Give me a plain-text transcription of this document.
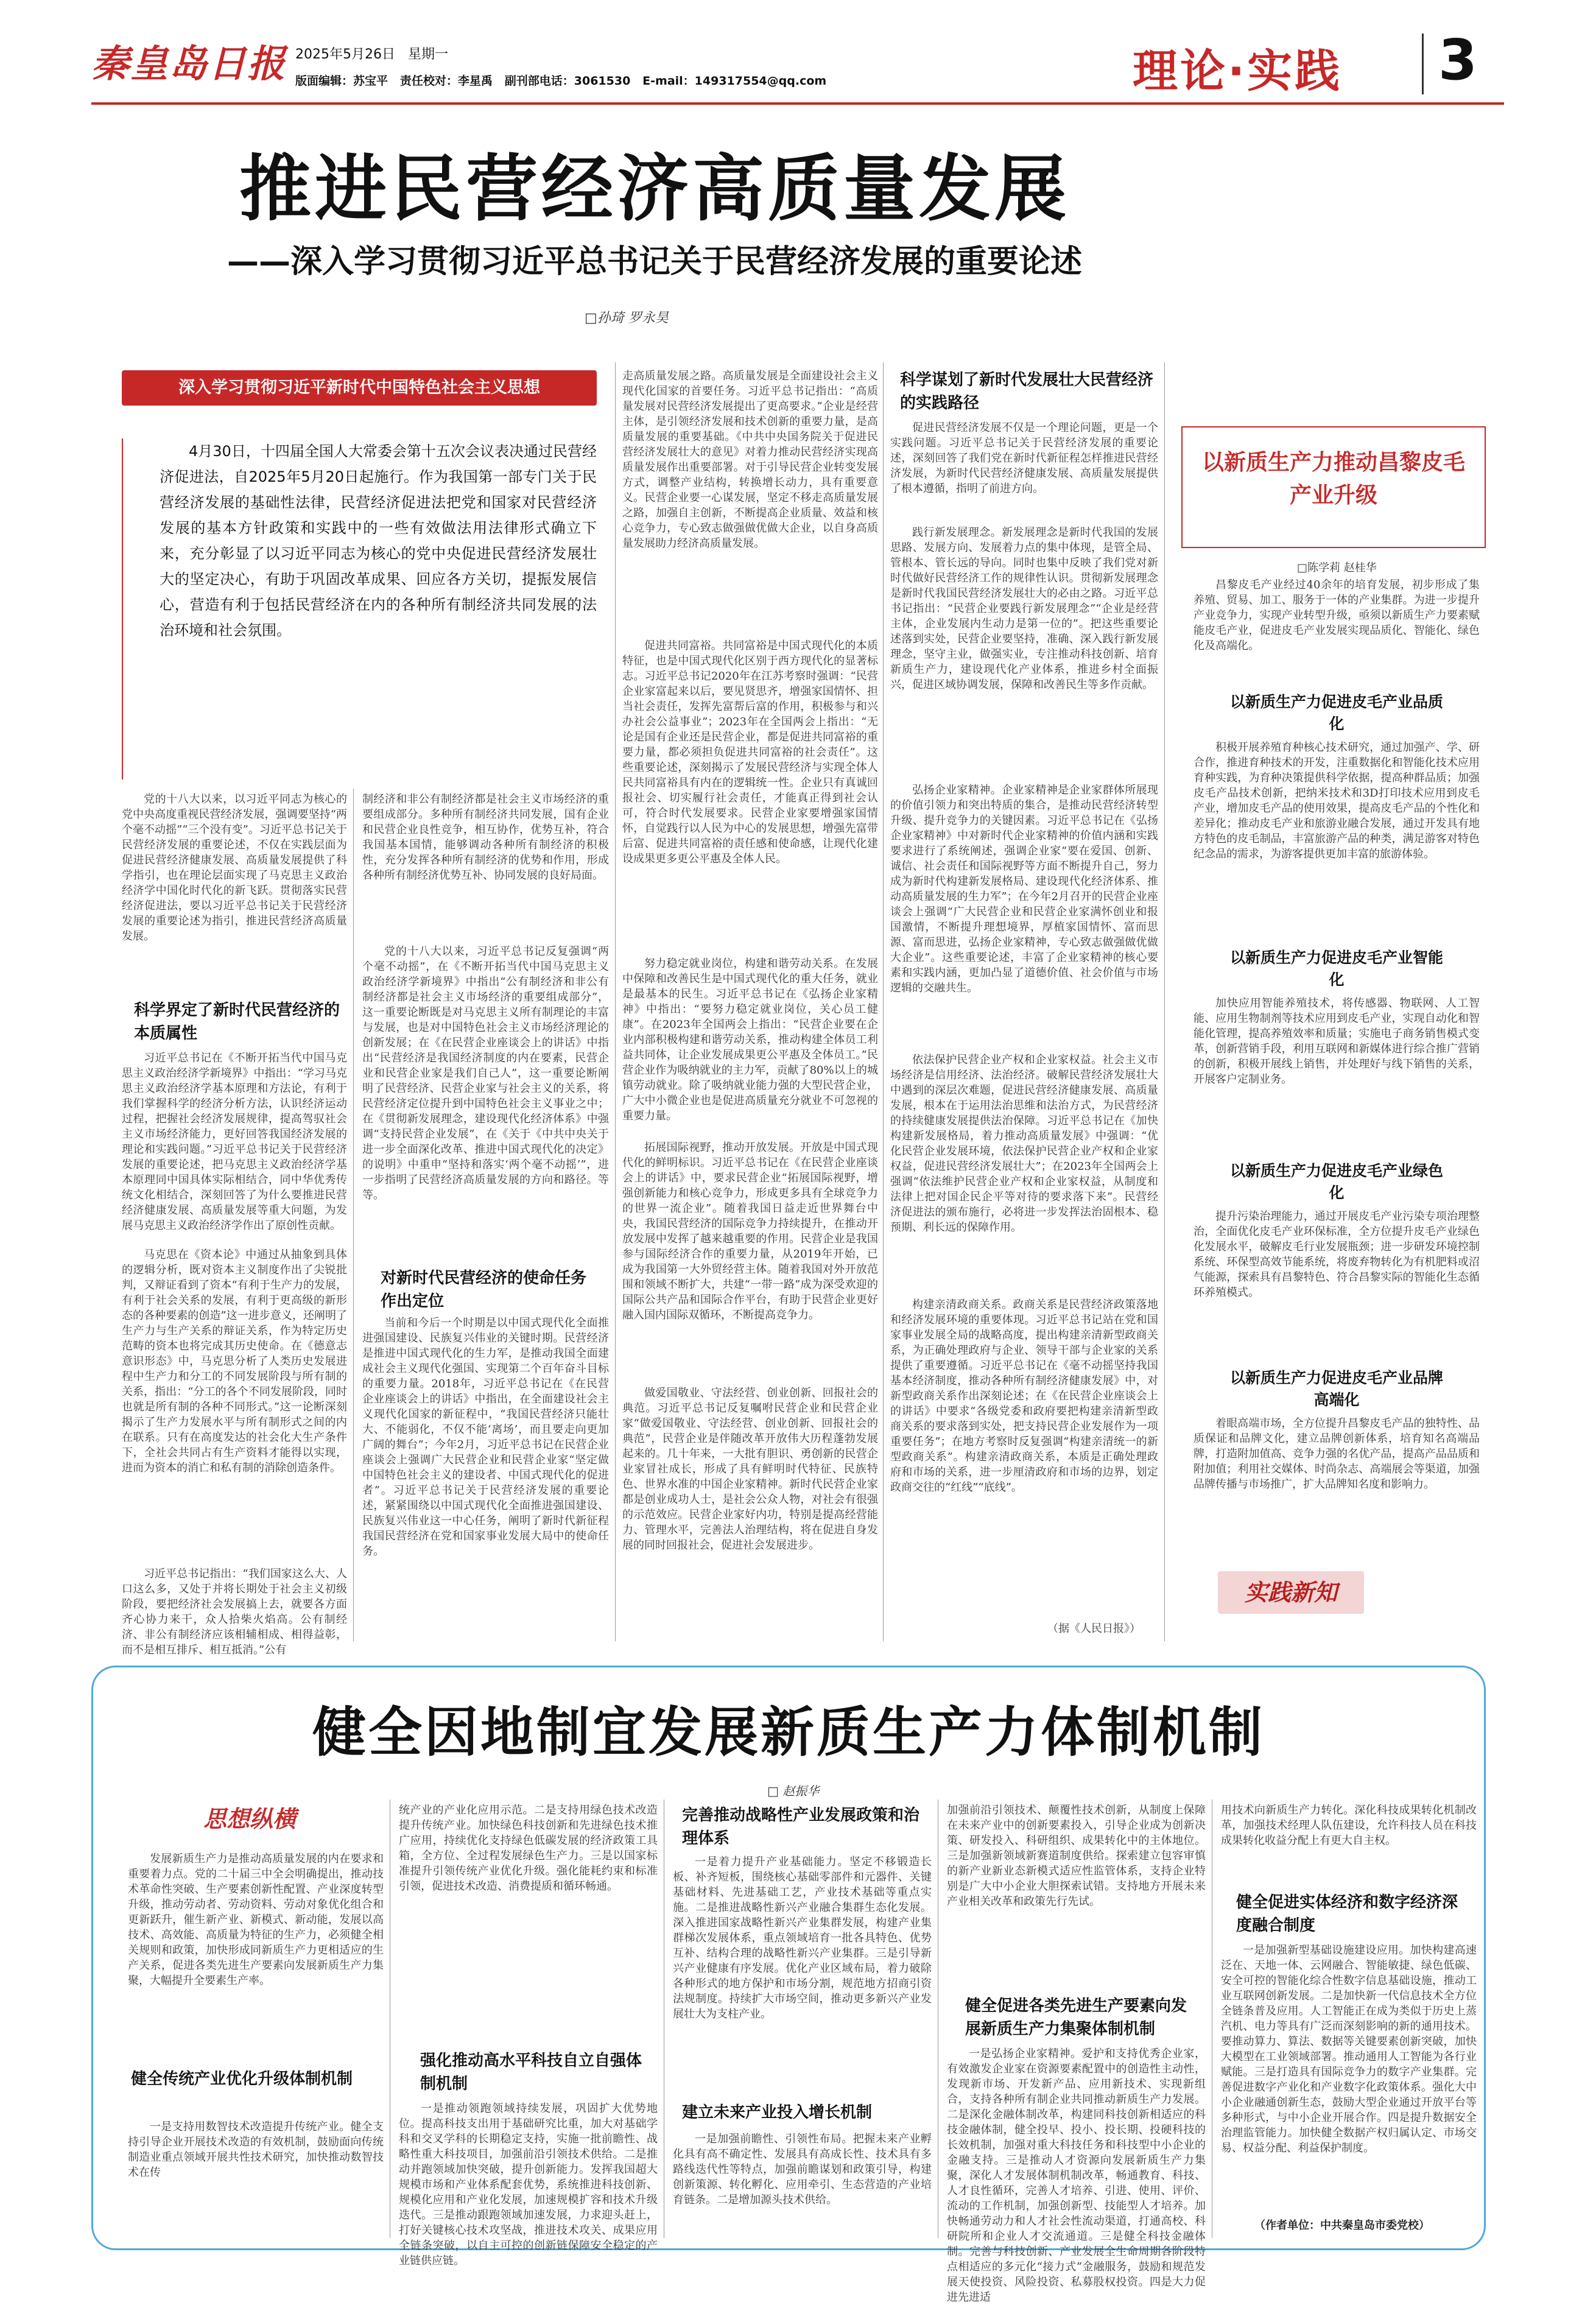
秦皇岛日报 2025年5月26日 星期一
版面编辑：苏宝平 责任校对：李星禹 副刊部电话：3061530 E-mail：149317554@qq.com	理论·实践 3
推进民营经济高质量发展
——深入学习贯彻习近平总书记关于民营经济发展的重要论述
□孙琦 罗永昊
深入学习贯彻习近平新时代中国特色社会主义思想
4月30日，十四届全国人大常委会第十五次会议表决通过民营经济促进法，自2025年5月20日起施行。作为我国第一部专门关于民营经济发展的基础性法律，民营经济促进法把党和国家对民营经济发展的基本方针政策和实践中的一些有效做法用法律形式确立下来，充分彰显了以习近平同志为核心的党中央促进民营经济发展壮大的坚定决心，有助于巩固改革成果、回应各方关切，提振发展信心，营造有利于包括民营经济在内的各种所有制经济共同发展的法治环境和社会氛围。
党的十八大以来，以习近平同志为核心的党中央高度重视民营经济发展，强调要坚持“两个毫不动摇”“三个没有变”。习近平总书记关于民营经济发展的重要论述，不仅在实践层面为促进民营经济健康发展、高质量发展提供了科学指引，也在理论层面实现了马克思主义政治经济学中国化时代化的新飞跃。贯彻落实民营经济促进法，要以习近平总书记关于民营经济发展的重要论述为指引，推进民营经济高质量发展。
科学界定了新时代民营经济的本质属性
习近平总书记在《不断开拓当代中国马克思主义政治经济学新境界》中指出：“学习马克思主义政治经济学基本原理和方法论，有利于我们掌握科学的经济分析方法，认识经济运动过程，把握社会经济发展规律，提高驾驭社会主义市场经济能力，更好回答我国经济发展的理论和实践问题。”习近平总书记关于民营经济发展的重要论述，把马克思主义政治经济学基本原理同中国具体实际相结合，同中华优秀传统文化相结合，深刻回答了为什么要推进民营经济健康发展、高质量发展等重大问题，为发展马克思主义政治经济学作出了原创性贡献。
马克思在《资本论》中通过从抽象到具体的逻辑分析，既对资本主义制度作出了尖锐批判，又辩证看到了资本“有利于生产力的发展，有利于社会关系的发展，有利于更高级的新形态的各种要素的创造”这一进步意义，还阐明了生产力与生产关系的辩证关系，作为特定历史范畴的资本也将完成其历史使命。在《德意志意识形态》中，马克思分析了人类历史发展进程中生产力和分工的不同发展阶段与所有制的关系，指出：“分工的各个不同发展阶段，同时也就是所有制的各种不同形式。”这一论断深刻揭示了生产力发展水平与所有制形式之间的内在联系。只有在高度发达的社会化大生产条件下，全社会共同占有生产资料才能得以实现，进而为资本的消亡和私有制的消除创造条件。
习近平总书记指出：“我们国家这么大、人口这么多，又处于并将长期处于社会主义初级阶段，要把经济社会发展搞上去，就要各方面齐心协力来干，众人拾柴火焰高。公有制经济、非公有制经济应该相辅相成、相得益彰，而不是相互排斥、相互抵消。”公有
制经济和非公有制经济都是社会主义市场经济的重要组成部分。多种所有制经济共同发展，国有企业和民营企业良性竞争，相互协作，优势互补，符合我国基本国情，能够调动各种所有制经济的积极性，充分发挥各种所有制经济的优势和作用，形成各种所有制经济优势互补、协同发展的良好局面。
党的十八大以来，习近平总书记反复强调“两个毫不动摇”，在《不断开拓当代中国马克思主义政治经济学新境界》中指出“公有制经济和非公有制经济都是社会主义市场经济的重要组成部分”，这一重要论断既是对马克思主义所有制理论的丰富与发展，也是对中国特色社会主义市场经济理论的创新发展；在《在民营企业座谈会上的讲话》中指出“民营经济是我国经济制度的内在要素，民营企业和民营企业家是我们自己人”，这一重要论断阐明了民营经济、民营企业家与社会主义的关系，将民营经济定位提升到中国特色社会主义事业之中；在《贯彻新发展理念，建设现代化经济体系》中强调“支持民营企业发展”，在《关于《中共中央关于进一步全面深化改革、推进中国式现代化的决定》的说明》中重申“坚持和落实‘两个毫不动摇’”，进一步指明了民营经济高质量发展的方向和路径。等等。
对新时代民营经济的使命任务作出定位
当前和今后一个时期是以中国式现代化全面推进强国建设、民族复兴伟业的关键时期。民营经济是推进中国式现代化的生力军，是推动我国全面建成社会主义现代化强国、实现第二个百年奋斗目标的重要力量。2018年，习近平总书记在《在民营企业座谈会上的讲话》中指出，在全面建设社会主义现代化国家的新征程中，“我国民营经济只能壮大、不能弱化，不仅不能‘离场’，而且要走向更加广阔的舞台”；今年2月，习近平总书记在民营企业座谈会上强调广大民营企业和民营企业家“坚定做中国特色社会主义的建设者、中国式现代化的促进者”。习近平总书记关于民营经济发展的重要论述，紧紧围绕以中国式现代化全面推进强国建设、民族复兴伟业这一中心任务，阐明了新时代新征程我国民营经济在党和国家事业发展大局中的使命任务。
走高质量发展之路。高质量发展是全面建设社会主义现代化国家的首要任务。习近平总书记指出：“高质量发展对民营经济发展提出了更高要求。”企业是经营主体，是引领经济发展和技术创新的重要力量，是高质量发展的重要基础。《中共中央国务院关于促进民营经济发展壮大的意见》对着力推动民营经济实现高质量发展作出重要部署。对于引导民营企业转变发展方式，调整产业结构，转换增长动力，具有重要意义。民营企业要一心谋发展，坚定不移走高质量发展之路，加强自主创新，不断提高企业质量、效益和核心竞争力，专心致志做强做优做大企业，以自身高质量发展助力经济高质量发展。
促进共同富裕。共同富裕是中国式现代化的本质特征，也是中国式现代化区别于西方现代化的显著标志。习近平总书记2020年在江苏考察时强调：“民营企业家富起来以后，要见贤思齐，增强家国情怀、担当社会责任，发挥先富帮后富的作用，积极参与和兴办社会公益事业”；2023年在全国两会上指出：“无论是国有企业还是民营企业，都是促进共同富裕的重要力量，都必须担负促进共同富裕的社会责任”。这些重要论述，深刻揭示了发展民营经济与实现全体人民共同富裕具有内在的逻辑统一性。企业只有真诚回报社会、切实履行社会责任，才能真正得到社会认可，符合时代发展要求。民营企业家要增强家国情怀，自觉践行以人民为中心的发展思想，增强先富带后富、促进共同富裕的责任感和使命感，让现代化建设成果更多更公平惠及全体人民。
努力稳定就业岗位，构建和谐劳动关系。在发展中保障和改善民生是中国式现代化的重大任务，就业是最基本的民生。习近平总书记在《弘扬企业家精神》中指出：“要努力稳定就业岗位，关心员工健康”。在2023年全国两会上指出：“民营企业要在企业内部积极构建和谐劳动关系，推动构建全体员工利益共同体，让企业发展成果更公平惠及全体员工。”民营企业作为吸纳就业的主力军，贡献了80%以上的城镇劳动就业。除了吸纳就业能力强的大型民营企业，广大中小微企业也是促进高质量充分就业不可忽视的重要力量。
拓展国际视野，推动开放发展。开放是中国式现代化的鲜明标识。习近平总书记在《在民营企业座谈会上的讲话》中，要求民营企业“拓展国际视野，增强创新能力和核心竞争力，形成更多具有全球竞争力的世界一流企业”。随着我国日益走近世界舞台中央，我国民营经济的国际竞争力持续提升，在推动开放发展中发挥了越来越重要的作用。民营企业是我国参与国际经济合作的重要力量，从2019年开始，已成为我国第一大外贸经营主体。随着我国对外开放范围和领域不断扩大，共建“一带一路”成为深受欢迎的国际公共产品和国际合作平台，有助于民营企业更好融入国内国际双循环，不断提高竞争力。
做爱国敬业、守法经营、创业创新、回报社会的典范。习近平总书记反复嘱咐民营企业和民营企业家“做爱国敬业、守法经营、创业创新、回报社会的典范”，民营企业是伴随改革开放伟大历程蓬勃发展起来的。几十年来，一大批有胆识、勇创新的民营企业家冒社成长，形成了具有鲜明时代特征、民族特色、世界水准的中国企业家精神。新时代民营企业家都是创业成功人士，是社会公众人物，对社会有很强的示范效应。民营企业家好内功，特别是提高经营能力、管理水平，完善法人治理结构，将在促进自身发展的同时回报社会，促进社会发展进步。
科学谋划了新时代发展壮大民营经济的实践路径
促进民营经济发展不仅是一个理论问题，更是一个实践问题。习近平总书记关于民营经济发展的重要论述，深刻回答了我们党在新时代新征程怎样推进民营经济发展，为新时代民营经济健康发展、高质量发展提供了根本遵循，指明了前进方向。
践行新发展理念。新发展理念是新时代我国的发展思路、发展方向、发展着力点的集中体现，是管全局、管根本、管长远的导向。同时也集中反映了我们党对新时代做好民营经济工作的规律性认识。贯彻新发展理念是新时代我国民营经济发展壮大的必由之路。习近平总书记指出：“民营企业要践行新发展理念”“企业是经营主体，企业发展内生动力是第一位的”。把这些重要论述落到实处，民营企业要坚持，准确、深入践行新发展理念，坚守主业，做强实业，专注推动科技创新、培育新质生产力，建设现代化产业体系，推进乡村全面振兴，促进区域协调发展，保障和改善民生等多作贡献。
弘扬企业家精神。企业家精神是企业家群体所展现的价值引领力和突出特质的集合，是推动民营经济转型升级、提升竞争力的关键因素。习近平总书记在《弘扬企业家精神》中对新时代企业家精神的价值内涵和实践要求进行了系统阐述，强调企业家“要在爱国、创新、诚信、社会责任和国际视野等方面不断提升自己，努力成为新时代构建新发展格局、建设现代化经济体系、推动高质量发展的生力军”；在今年2月召开的民营企业座谈会上强调“广大民营企业和民营企业家满怀创业和报国激情，不断提升理想境界，厚植家国情怀、富而思源、富而思进，弘扬企业家精神，专心致志做强做优做大企业”。这些重要论述，丰富了企业家精神的核心要素和实践内涵，更加凸显了道德价值、社会价值与市场逻辑的交融共生。
依法保护民营企业产权和企业家权益。社会主义市场经济是信用经济、法治经济。破解民营经济发展壮大中遇到的深层次难题，促进民营经济健康发展、高质量发展，根本在于运用法治思维和法治方式，为民营经济的持续健康发展提供法治保障。习近平总书记在《加快构建新发展格局，着力推动高质量发展》中强调：“优化民营企业发展环境，依法保护民营企业产权和企业家权益，促进民营经济发展壮大”；在2023年全国两会上强调“依法维护民营企业产权和企业家权益，从制度和法律上把对国企民企平等对待的要求落下来”。民营经济促进法的颁布施行，必将进一步发挥法治固根本、稳预期、利长远的保障作用。
构建亲清政商关系。政商关系是民营经济政策落地和经济发展环境的重要体现。习近平总书记站在党和国家事业发展全局的战略高度，提出构建亲清新型政商关系，为正确处理政府与企业、领导干部与企业家的关系提供了重要遵循。习近平总书记在《毫不动摇坚持我国基本经济制度，推动各种所有制经济健康发展》中，对新型政商关系作出深刻论述；在《在民营企业座谈会上的讲话》中要求“各级党委和政府要把构建亲清新型政商关系的要求落到实处，把支持民营企业发展作为一项重要任务”；在地方考察时反复强调“构建亲清统一的新型政商关系”。构建亲清政商关系，本质是正确处理政府和市场的关系，进一步厘清政府和市场的边界，划定政商交往的“红线”“底线”。
（据《人民日报》）
以新质生产力推动昌黎皮毛产业升级
□陈学莉 赵桂华
昌黎皮毛产业经过40余年的培育发展，初步形成了集养殖、贸易、加工、服务于一体的产业集群。为进一步提升产业竞争力，实现产业转型升级，亟须以新质生产力要素赋能皮毛产业，促进皮毛产业发展实现品质化、智能化、绿色化及高端化。
以新质生产力促进皮毛产业品质化
积极开展养殖育种核心技术研究，通过加强产、学、研合作，推进育种技术的开发，注重数据化和智能化技术应用育种实践，为育种决策提供科学依据，提高种群品质；加强皮毛产品技术创新，把纳米技术和3D打印技术应用到皮毛产业，增加皮毛产品的使用效果，提高皮毛产品的个性化和差异化；推动皮毛产业和旅游业融合发展，通过开发具有地方特色的皮毛制品，丰富旅游产品的种类，满足游客对特色纪念品的需求，为游客提供更加丰富的旅游体验。
以新质生产力促进皮毛产业智能化
加快应用智能养殖技术，将传感器、物联网、人工智能、应用生物制剂等技术应用到皮毛产业，实现自动化和智能化管理，提高养殖效率和质量；实施电子商务销售模式变革，创新营销手段，利用互联网和新媒体进行综合推广营销的创新，积极开展线上销售，并处理好与线下销售的关系，开展客户定制业务。
以新质生产力促进皮毛产业绿色化
提升污染治理能力，通过开展皮毛产业污染专项治理整治，全面优化皮毛产业环保标准，全方位提升皮毛产业绿色化发展水平，破解皮毛行业发展瓶颈；进一步研发环境控制系统、环保型高效节能系统，将废弃物转化为有机肥料或沼气能源，探索具有昌黎特色、符合昌黎实际的智能化生态循环养殖模式。
以新质生产力促进皮毛产业品牌高端化
着眼高端市场，全方位提升昌黎皮毛产品的独特性、品质保证和品牌文化，建立品牌创新体系，培育知名高端品牌，打造附加值高、竞争力强的名优产品，提高产品品质和附加值；利用社交媒体、时尚杂志、高端展会等渠道，加强品牌传播与市场推广，扩大品牌知名度和影响力。
实践新知
健全因地制宜发展新质生产力体制机制
□ 赵振华
思想纵横
发展新质生产力是推动高质量发展的内在要求和重要着力点。党的二十届三中全会明确提出，推动技术革命性突破、生产要素创新性配置、产业深度转型升级，推动劳动者、劳动资料、劳动对象优化组合和更新跃升，催生新产业、新模式、新动能，发展以高技术、高效能、高质量为特征的生产力，必须健全相关规则和政策，加快形成同新质生产力更相适应的生产关系，促进各类先进生产要素向发展新质生产力集聚，大幅提升全要素生产率。
健全传统产业优化升级体制机制
一是支持用数智技术改造提升传统产业。健全支持引导企业开展技术改造的有效机制，鼓励面向传统制造业重点领域开展共性技术研究，加快推动数智技术在传
统产业的产业化应用示范。二是支持用绿色技术改造提升传统产业。加快绿色科技创新和先进绿色技术推广应用，持续优化支持绿色低碳发展的经济政策工具箱，全方位、全过程发展绿色生产力。三是以国家标准提升引领传统产业优化升级。强化能耗约束和标准引领，促进技术改造、消费提质和循环畅通。
强化推动高水平科技自立自强体制机制
一是推动领跑领域持续发展，巩固扩大优势地位。提高科技支出用于基础研究比重，加大对基础学科和交叉学科的长期稳定支持，实施一批前瞻性、战略性重大科技项目，加强前沿引领技术供给。二是推动并跑领域加快突破，提升创新能力。发挥我国超大规模市场和产业体系配套优势，系统推进科技创新、规模化应用和产业化发展，加速规模扩容和技术升级迭代。三是推动跟跑领域加速发展，力求迎头赶上，打好关键核心技术攻坚战，推进技术攻关、成果应用全链条突破，以自主可控的创新链保障安全稳定的产业链供应链。
完善推动战略性产业发展政策和治理体系
一是着力提升产业基础能力。坚定不移锻造长板、补齐短板，围绕核心基础零部件和元器件、关键基础材料、先进基础工艺，产业技术基础等重点实施。二是推进战略性新兴产业融合集群生态化发展。深入推进国家战略性新兴产业集群发展，构建产业集群梯次发展体系，重点领域培育一批各具特色、优势互补、结构合理的战略性新兴产业集群。三是引导新兴产业健康有序发展。优化产业区域布局，着力破除各种形式的地方保护和市场分割，规范地方招商引资法规制度。持续扩大市场空间，推动更多新兴产业发展壮大为支柱产业。
建立未来产业投入增长机制
一是加强前瞻性、引领性布局。把握未来产业孵化具有高不确定性、发展具有高成长性、技术具有多路线迭代性等特点，加强前瞻谋划和政策引导，构建创新策源、转化孵化、应用牵引、生态营造的产业培育链条。二是增加源头技术供给。
加强前沿引领技术、颠覆性技术创新，从制度上保障在未来产业中的创新要素投入，引导企业成为创新决策、研发投入、科研组织、成果转化中的主体地位。三是加强新领域新赛道制度供给。探索建立包容审慎的新产业新业态新模式适应性监管体系，支持企业特别是广大中小企业大胆探索试错。支持地方开展未来产业相关改革和政策先行先试。
健全促进各类先进生产要素向发展新质生产力集聚体制机制
一是弘扬企业家精神。爱护和支持优秀企业家，有效激发企业家在资源要素配置中的创造性主动性，发现新市场、开发新产品、应用新技术、实现新组合，支持各种所有制企业共同推动新质生产力发展。二是深化金融体制改革，构建同科技创新相适应的科技金融体制，健全投早、投小、投长期、投硬科技的长效机制，加强对重大科技任务和科技型中小企业的金融支持。三是推动人才资源向发展新质生产力集聚，深化人才发展体制机制改革，畅通教育、科技、人才良性循环，完善人才培养、引进、使用、评价、流动的工作机制，加强创新型、技能型人才培养。加快畅通劳动力和人才社会性流动渠道，打通高校、科研院所和企业人才交流通道。三是健全科技金融体制。完善与科技创新、产业发展全生命周期各阶段特点相适应的多元化“接力式”金融服务，鼓励和规范发展天使投资、风险投资、私募股权投资。四是大力促进先进适
用技术向新质生产力转化。深化科技成果转化机制改革，加强技术经理人队伍建设，允许科技人员在科技成果转化收益分配上有更大自主权。
健全促进实体经济和数字经济深度融合制度
一是加强新型基础设施建设应用。加快构建高速泛在、天地一体、云网融合、智能敏捷、绿色低碳、安全可控的智能化综合性数字信息基础设施，推动工业互联网创新发展。二是加快新一代信息技术全方位全链条普及应用。人工智能正在成为类似于历史上蒸汽机、电力等具有广泛而深刻影响的新的通用技术。要推动算力、算法、数据等关键要素创新突破，加快大模型在工业领域部署。推动通用人工智能为各行业赋能。三是打造具有国际竞争力的数字产业集群。完善促进数字产业化和产业数字化政策体系。强化大中小企业融通创新生态，鼓励大型企业通过开放平台等多种形式，与中小企业开展合作。四是提升数据安全治理监管能力。加快健全数据产权归属认定、市场交易、权益分配、利益保护制度。
（作者单位：中共秦皇岛市委党校）
